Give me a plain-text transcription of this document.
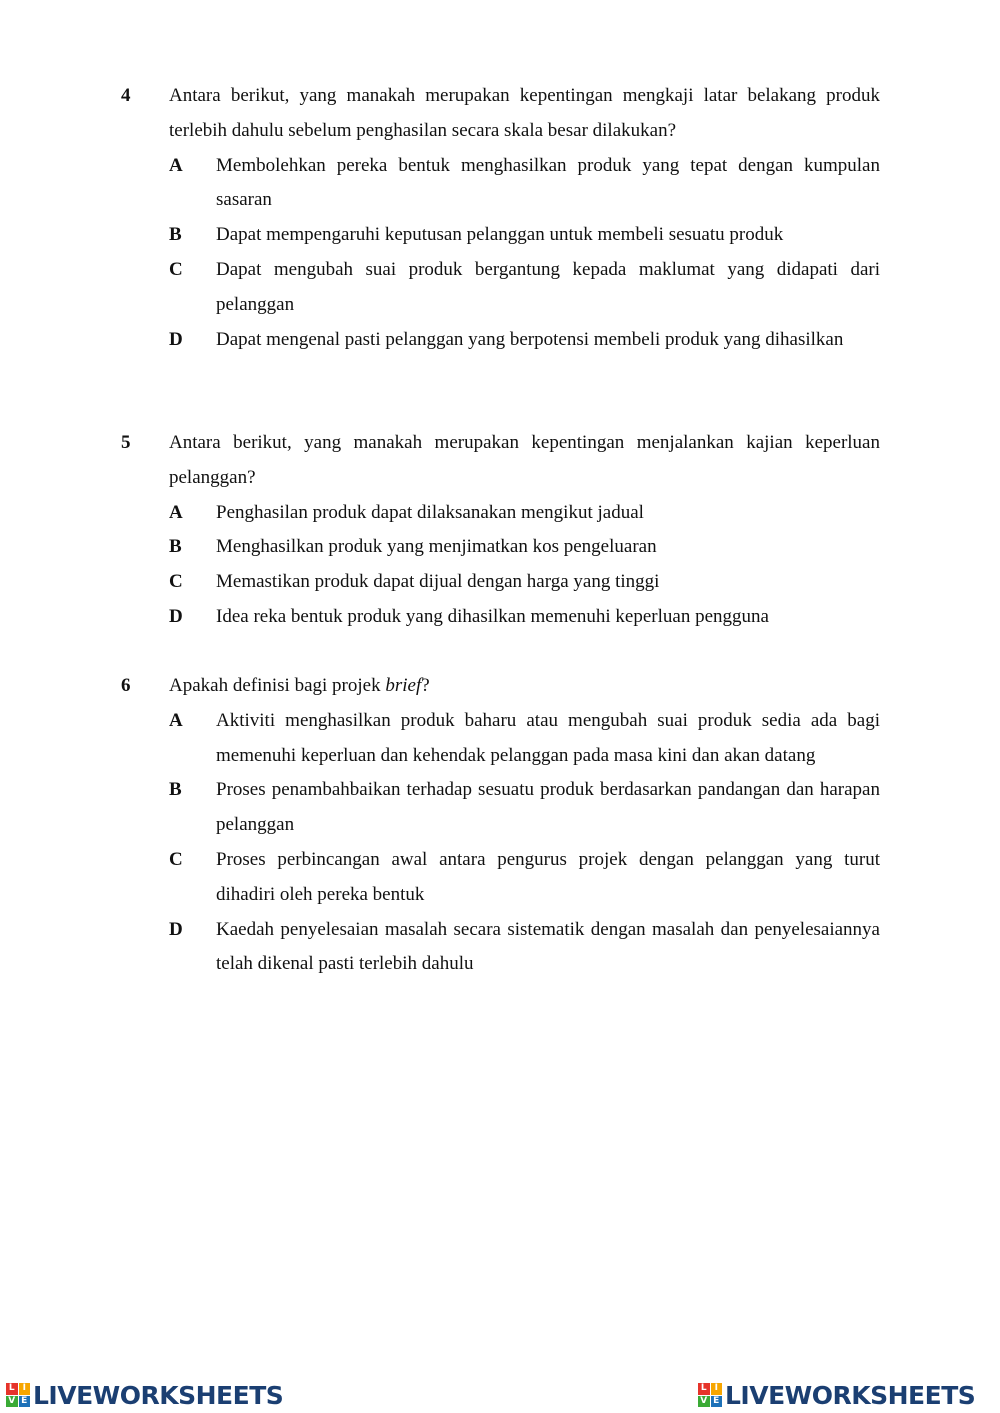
4	Antara berikut, yang manakah merupakan kepentingan mengkaji latar belakang produk terlebih dahulu sebelum penghasilan secara skala besar dilakukan?
A	Membolehkan pereka bentuk menghasilkan produk yang tepat dengan kumpulan sasaran
B	Dapat mempengaruhi keputusan pelanggan untuk membeli sesuatu produk
C	Dapat mengubah suai produk bergantung kepada maklumat yang didapati dari pelanggan
D	Dapat mengenal pasti pelanggan yang berpotensi membeli produk yang dihasilkan
5	Antara berikut, yang manakah merupakan kepentingan menjalankan kajian keperluan pelanggan?
A	Penghasilan produk dapat dilaksanakan mengikut jadual
B	Menghasilkan produk yang menjimatkan kos pengeluaran
C	Memastikan produk dapat dijual dengan harga yang tinggi
D	Idea reka bentuk produk yang dihasilkan memenuhi keperluan pengguna
6	Apakah definisi bagi projek brief?
A	Aktiviti menghasilkan produk baharu atau mengubah suai produk sedia ada bagi memenuhi keperluan dan kehendak pelanggan pada masa kini dan akan datang
B	Proses penambahbaikan terhadap sesuatu produk berdasarkan pandangan dan harapan pelanggan
C	Proses perbincangan awal antara pengurus projek dengan pelanggan yang turut dihadiri oleh pereka bentuk
D	Kaedah penyelesaian masalah secara sistematik dengan masalah dan penyelesaiannya telah dikenal pasti terlebih dahulu
L I
V E LIVEWORKSHEETS	L I
V E LIVEWORKSHEETS
